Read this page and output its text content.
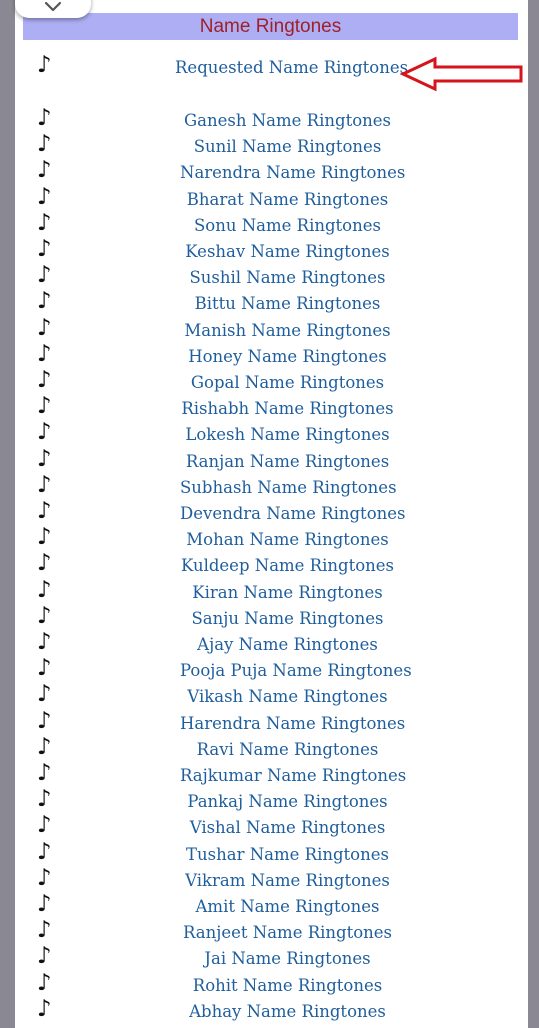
Name Ringtones
♪	Requested Name Ringtones
♪	Ganesh Name Ringtones
♪	Sunil Name Ringtones
♪	Narendra Name Ringtones
♪	Bharat Name Ringtones
♪	Sonu Name Ringtones
♪	Keshav Name Ringtones
♪	Sushil Name Ringtones
♪	Bittu Name Ringtones
♪	Manish Name Ringtones
♪	Honey Name Ringtones
♪	Gopal Name Ringtones
♪	Rishabh Name Ringtones
♪	Lokesh Name Ringtones
♪	Ranjan Name Ringtones
♪	Subhash Name Ringtones
♪	Devendra Name Ringtones
♪	Mohan Name Ringtones
♪	Kuldeep Name Ringtones
♪	Kiran Name Ringtones
♪	Sanju Name Ringtones
♪	Ajay Name Ringtones
♪	Pooja Puja Name Ringtones
♪	Vikash Name Ringtones
♪	Harendra Name Ringtones
♪	Ravi Name Ringtones
♪	Rajkumar Name Ringtones
♪	Pankaj Name Ringtones
♪	Vishal Name Ringtones
♪	Tushar Name Ringtones
♪	Vikram Name Ringtones
♪	Amit Name Ringtones
♪	Ranjeet Name Ringtones
♪	Jai Name Ringtones
♪	Rohit Name Ringtones
♪	Abhay Name Ringtones
